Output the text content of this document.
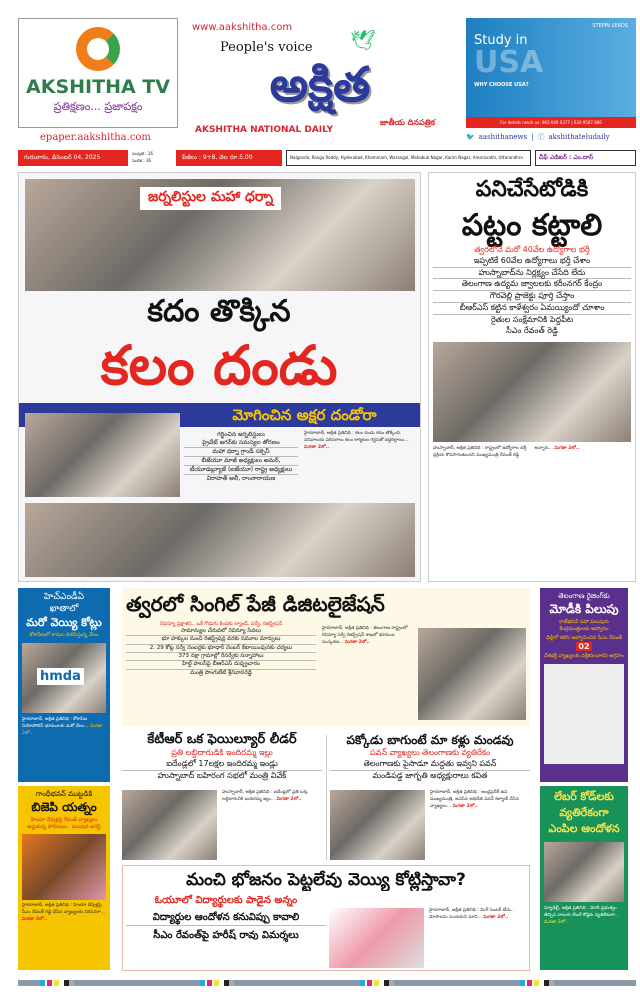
AKSHITHA TV
ప్రతిక్షణం... ప్రజాపక్షం
epaper.aakshitha.com
www.aakshitha.com
People's voice 🕊
అక్షిత
జాతీయ దినపత్రిక
AKSHITHA NATIONAL DAILY
STEPIN LEADS
Study in
USA
WHY CHOOSE USA?
For details reach us: 903 046 0377 | 630 9587 886
🐦 aashithanews | ⓕ akshithateludaily
గురువారం, డిసెంబర్ 04, 2025
సంపుటి : 16
సంచిక : 16	పేజీలు : 9+8, వెల రూ.5.00	Nalgonda, Ranga Reddy, Hyderabad, Khammam, Warangal, Mahabub Nagar, Karim Nagar, Amaravathi, Uttarandhra	చీఫ్ ఎడిటర్ : ఎం.దాస్
జర్నలిస్టుల మహా ధర్నా
కదం తొక్కిన
కలం దండు
మోగించిన అక్షర దండోరా
గర్జించిన జర్నలిస్టులు
ప్రైవేట్ జగన్‌కు సమస్యల తోరణం
మహా ధర్నా గ్రాండ్ సక్సెస్
బీజేయూ మాజీ అధ్యక్షులు అమర్,
టీయూడబ్ల్యూజే (ఐజేయూ) రాష్ట్ర అధ్యక్షులు
విరాహత్ అలీ, రాంనారాయణ
హైదరాబాద్, అక్షిత ప్రతినిధి : కలం దండు కదం తొక్కింది. సచివాలయ పరిసరాలు కలం కార్మికుల గర్జనతో దద్దరిల్లాయి... మిగతా 2లో..
పనిచేసేటోడికి
పట్టం కట్టాలి
త్వరలోనే మరో 40వేల ఉద్యోగాల భర్తీ
ఇప్పటికే 60వేల ఉద్యోగాలు భర్తీ చేశాం
హుస్నాబాద్‌ను నిర్లక్ష్యం చేసేది లేదు
తెలంగాణ ఉద్యమ జ్వాలలకు కరీంనగర్ కేంద్రం
గౌరవెల్లి ప్రాజెక్టు పూర్తి చేస్తాం
బీఆర్ఎస్ కట్టిన కాళేశ్వరం ఏమయ్యిందో చూశాం
రైతుల సంక్షేమానికి పెద్దపీట
సీఎం రేవంత్ రెడ్డి
హుస్నాబాద్, అక్షిత ప్రతినిధి : రాష్ట్రంలో ఉద్యోగాల భర్తీ ప్రక్రియ కొనసాగుతుందని ముఖ్యమంత్రి రేవంత్ రెడ్డి అన్నారు... మిగతా 2లో..
హెచ్ఎండీఏ
ఖాతాలో
మరో వెయ్యి కోట్లు
కోకాపేటలో కాసుల కురిపిస్తున్న వేలం
hmda
హైదరాబాద్, అక్షిత ప్రతినిధి : కోకాపేట నియోపోలిస్ భూములకు మరో వేలం... మిగతా 2లో..
త్వరలో సింగిల్ పేజీ డిజిటలైజేషన్
రెవిన్యూ ప్రక్షాళన.. ఒకే గొడుగు కిందకు ల్యాండ్, సర్వే, రిజిస్ట్రేషన్
సామాన్యుల చేరువలో రెవిన్యూ సేవలు
భూ హక్కుల నుంచి రిజిస్ట్రేషన్ల వరకు సమూల మార్పులు
2. 29 కోట్ల సర్వే నెంబర్లకు భూధార్ నెంబర్ కేటాయింపునకు చర్యలు
373 నక్షా గ్రామాల్లో రీసర్వేకు సన్నాహాలు
హిల్ట్ పాలసీపై బీఆర్ఎస్ దుష్ప్రచారం
మంత్రి పొంగులేటి శ్రీనివాసరెడ్డి
హైదరాబాద్, అక్షిత ప్రతినిధి : తెలంగాణ రాష్ట్రంలో రెవిన్యూ సర్వే రిజిస్ట్రేషన్ శాఖలో భూముల సంస్కరణ... మిగతా 2లో..
తెలంగాణ రైజింగ్‌కు
మోడీకి పిలుపు
రాజ్‌భవన్ సహా పలువురు కేంద్రమంత్రులకు ఆహ్వానం
ఢిల్లీలో కలిసి ఆహ్వానించిన సీఎం రేవంత్ 02
దేశభక్తి వ్యాఖ్యలకు వక్రీకరించారని ఆగ్రహం
కేటీఆర్ ఒక ఫెయిల్యూర్ లీడర్
ప్రతి లబ్దిదారుడికి ఇందిరమ్మ ఇల్లు
ఐదేండ్లలో 17లక్షల ఇందిరమ్మ ఇండ్లు
హుస్నాబాద్ బహిరంగ సభలో మంత్రి వివేక్
హుస్నాబాద్, అక్షిత ప్రతినిధి : ఐదేండ్లలో ప్రతి ఒక్క లబ్దిదారునికి ఇందిరమ్మ ఇల్లు... మిగతా 2లో..
పక్కోడు బాగుంటే మా కళ్లు మండవు
పవన్ వ్యాఖ్యలు తెలంగాణకు వ్యతిరేకం
తెలంగాణకు పైసాడూ మద్దతు ఇవ్వని పవన్
మండిపడ్డ జాగృతి అధ్యక్షురాలు కవిత
హైదరాబాద్, అక్షిత ప్రతినిధి : ఆంధ్రప్రదేశ్ ఉప ముఖ్యమంత్రి, జనసేన అధినేత పవన్ కళ్యాణ్ చేసిన వ్యాఖ్యలు... మిగతా 2లో..
గాంధీభవన్ ముట్టడికి
బిజెపి యత్నం
హిందూ దేవుళ్లపై రేవంత్ వ్యాఖ్యలు
అడ్డుకున్న పోలీసులు.. పలువురి అరెస్ట్
హైదరాబాద్, అక్షిత ప్రతినిధి : హిందూ దేవుళ్లపై సీఎం రేవంత్ రెడ్డి చేసిన వ్యాఖ్యలకు నిరసనగా... మిగతా 2లో..
మంచి భోజనం పెట్టలేవు వెయ్యి కోట్లిస్తావా?
ఓయూలో విద్యార్థులకు పాడైన అన్నం
విద్యార్థుల ఆందోళన కనువిప్పు కావాలి
సీఎం రేవంత్‌పై హరీష్ రావు విమర్శలు
హైదరాబాద్, అక్షిత ప్రతినిధి : వింగ్ సెంటర్ టీను.. మోసాలను సంచయని మాని... మిగతా 2లో..
లేబర్ కోడ్‌లకు వ్యతిరేకంగా ఎంపిల ఆందోళన
న్యూఢిల్లీ, అక్షిత ప్రతినిధి : మోదీ ప్రభుత్వం తెచ్చిన నాలుగు లేబర్ కోడ్లకు వ్యతిరేకంగా... మిగతా 2లో..
